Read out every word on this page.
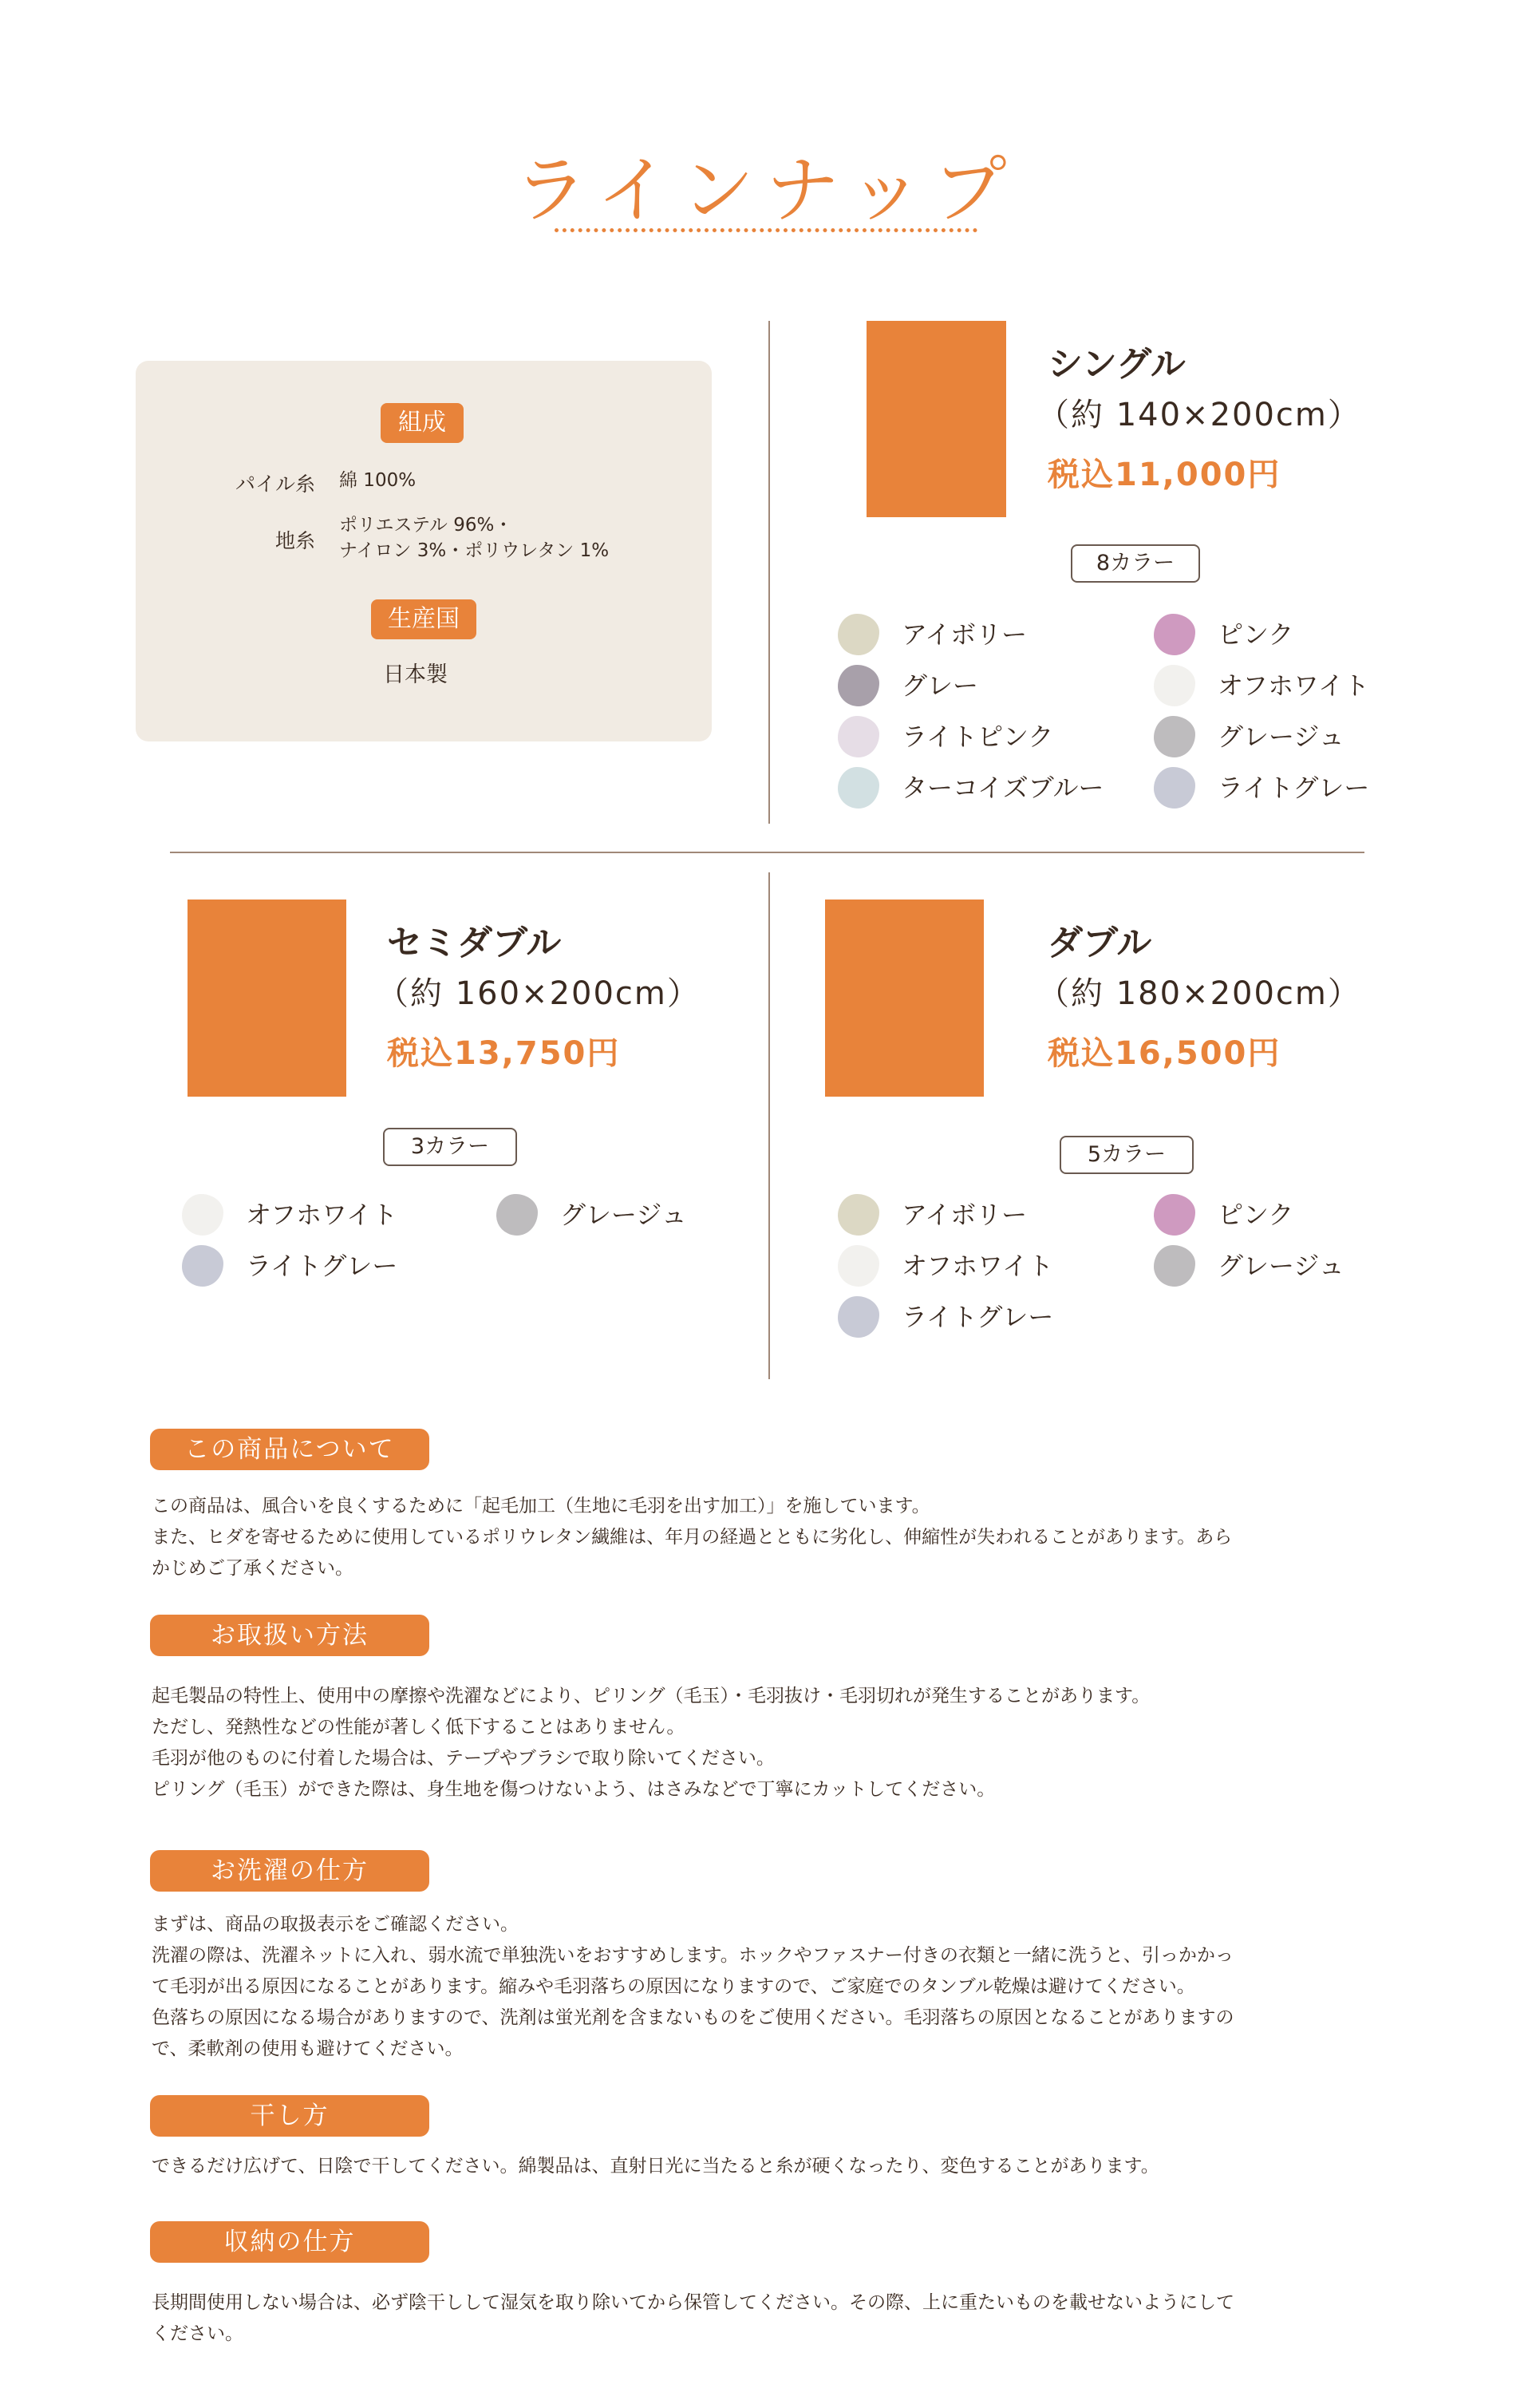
ラインナップ
組成
パイル糸 綿 100%
地糸
ポリエステル 96%・
ナイロン 3%・ポリウレタン 1%
生産国
日本製
シングル
（約 140×200cm）
税込11,000円
8カラー
アイボリー
グレー
ライトピンク
ターコイズブルー
ピンク
オフホワイト
グレージュ
ライトグレー
セミダブル
（約 160×200cm）
税込13,750円
3カラー
オフホワイト
ライトグレー
グレージュ
ダブル
（約 180×200cm）
税込16,500円
5カラー
アイボリー
オフホワイト
ライトグレー
ピンク
グレージュ
この商品について

この商品は、風合いを良くするために「起毛加工（生地に毛羽を出す加工）」を施しています。

また、ヒダを寄せるために使用しているポリウレタン繊維は、年月の経過とともに劣化し、伸縮性が失われることがあります。あら

かじめご了承ください。

お取扱い方法

起毛製品の特性上、使用中の摩擦や洗濯などにより、ピリング（毛玉）・毛羽抜け・毛羽切れが発生することがあります。

ただし、発熱性などの性能が著しく低下することはありません。

毛羽が他のものに付着した場合は、テープやブラシで取り除いてください。

ピリング（毛玉）ができた際は、身生地を傷つけないよう、はさみなどで丁寧にカットしてください。

お洗濯の仕方

まずは、商品の取扱表示をご確認ください。

洗濯の際は、洗濯ネットに入れ、弱水流で単独洗いをおすすめします。ホックやファスナー付きの衣類と一緒に洗うと、引っかかっ

て毛羽が出る原因になることがあります。縮みや毛羽落ちの原因になりますので、ご家庭でのタンブル乾燥は避けてください。

色落ちの原因になる場合がありますので、洗剤は蛍光剤を含まないものをご使用ください。毛羽落ちの原因となることがありますの

で、柔軟剤の使用も避けてください。

干し方

できるだけ広げて、日陰で干してください。綿製品は、直射日光に当たると糸が硬くなったり、変色することがあります。

収納の仕方

長期間使用しない場合は、必ず陰干しして湿気を取り除いてから保管してください。その際、上に重たいものを載せないようにして

ください。
